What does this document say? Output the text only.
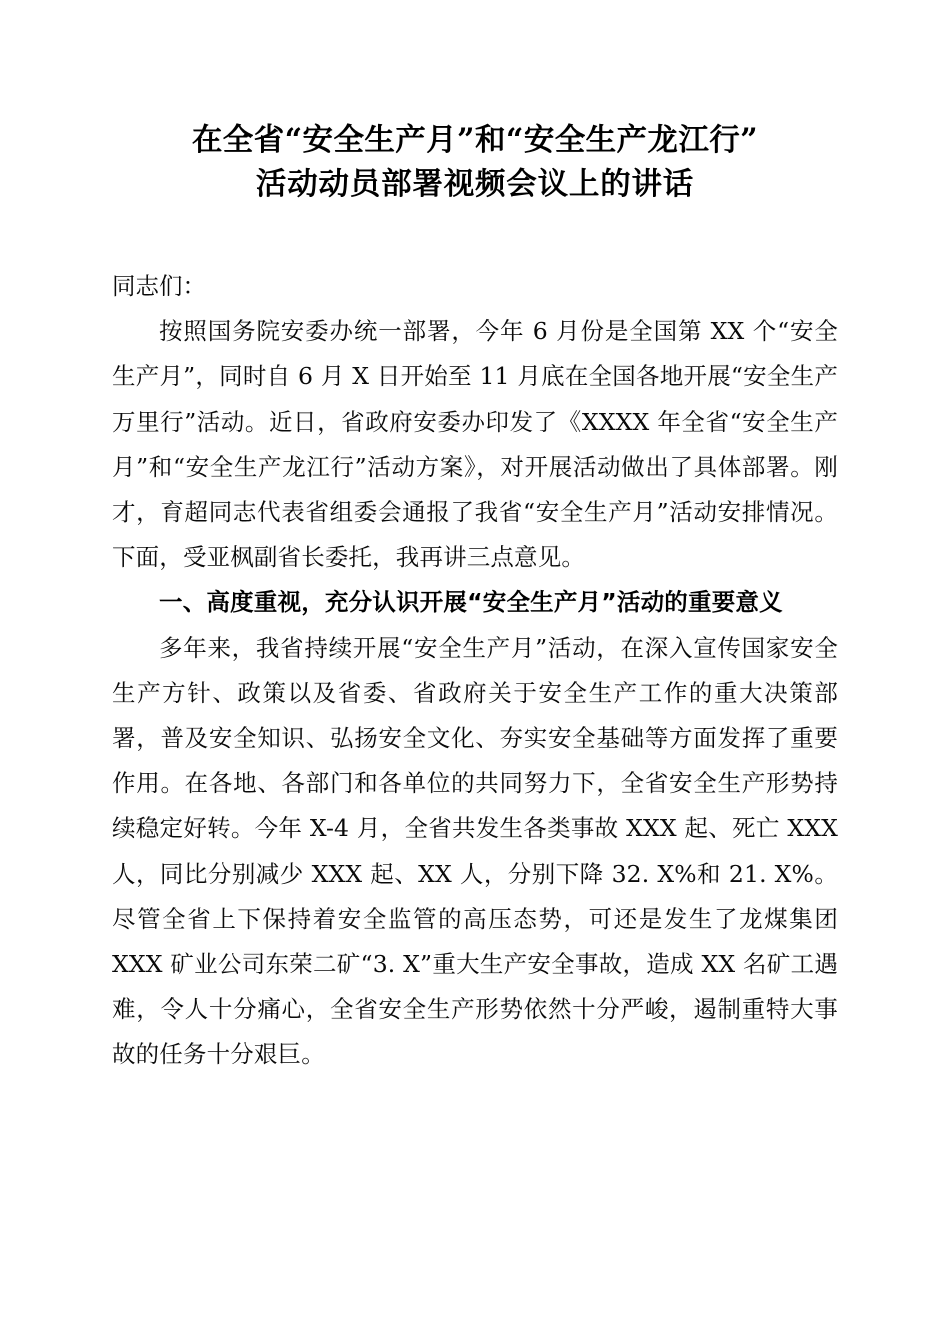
在全省“安全生产月”和“安全生产龙江行”
活动动员部署视频会议上的讲话

同志们：

按照国务院安委办统一部署，今年 6 月份是全国第 XX 个“安全生产月”，同时自 6 月 X 日开始至 11 月底在全国各地开展“安全生产万里行”活动。近日，省政府安委办印发了《XXXX 年全省“安全生产月”和“安全生产龙江行”活动方案》，对开展活动做出了具体部署。刚才，育超同志代表省组委会通报了我省“安全生产月”活动安排情况。下面，受亚枫副省长委托，我再讲三点意见。

一、高度重视，充分认识开展“安全生产月”活动的重要意义

多年来，我省持续开展“安全生产月”活动，在深入宣传国家安全生产方针、政策以及省委、省政府关于安全生产工作的重大决策部署，普及安全知识、弘扬安全文化、夯实安全基础等方面发挥了重要作用。在各地、各部门和各单位的共同努力下，全省安全生产形势持续稳定好转。今年 X-4 月，全省共发生各类事故 XXX 起、死亡 XXX 人，同比分别减少 XXX 起、XX 人，分别下降 32. X%和 21. X%。尽管全省上下保持着安全监管的高压态势，可还是发生了龙煤集团 XXX 矿业公司东荣二矿“3. X”重大生产安全事故，造成 XX 名矿工遇难，令人十分痛心，全省安全生产形势依然十分严峻，遏制重特大事故的任务十分艰巨。
